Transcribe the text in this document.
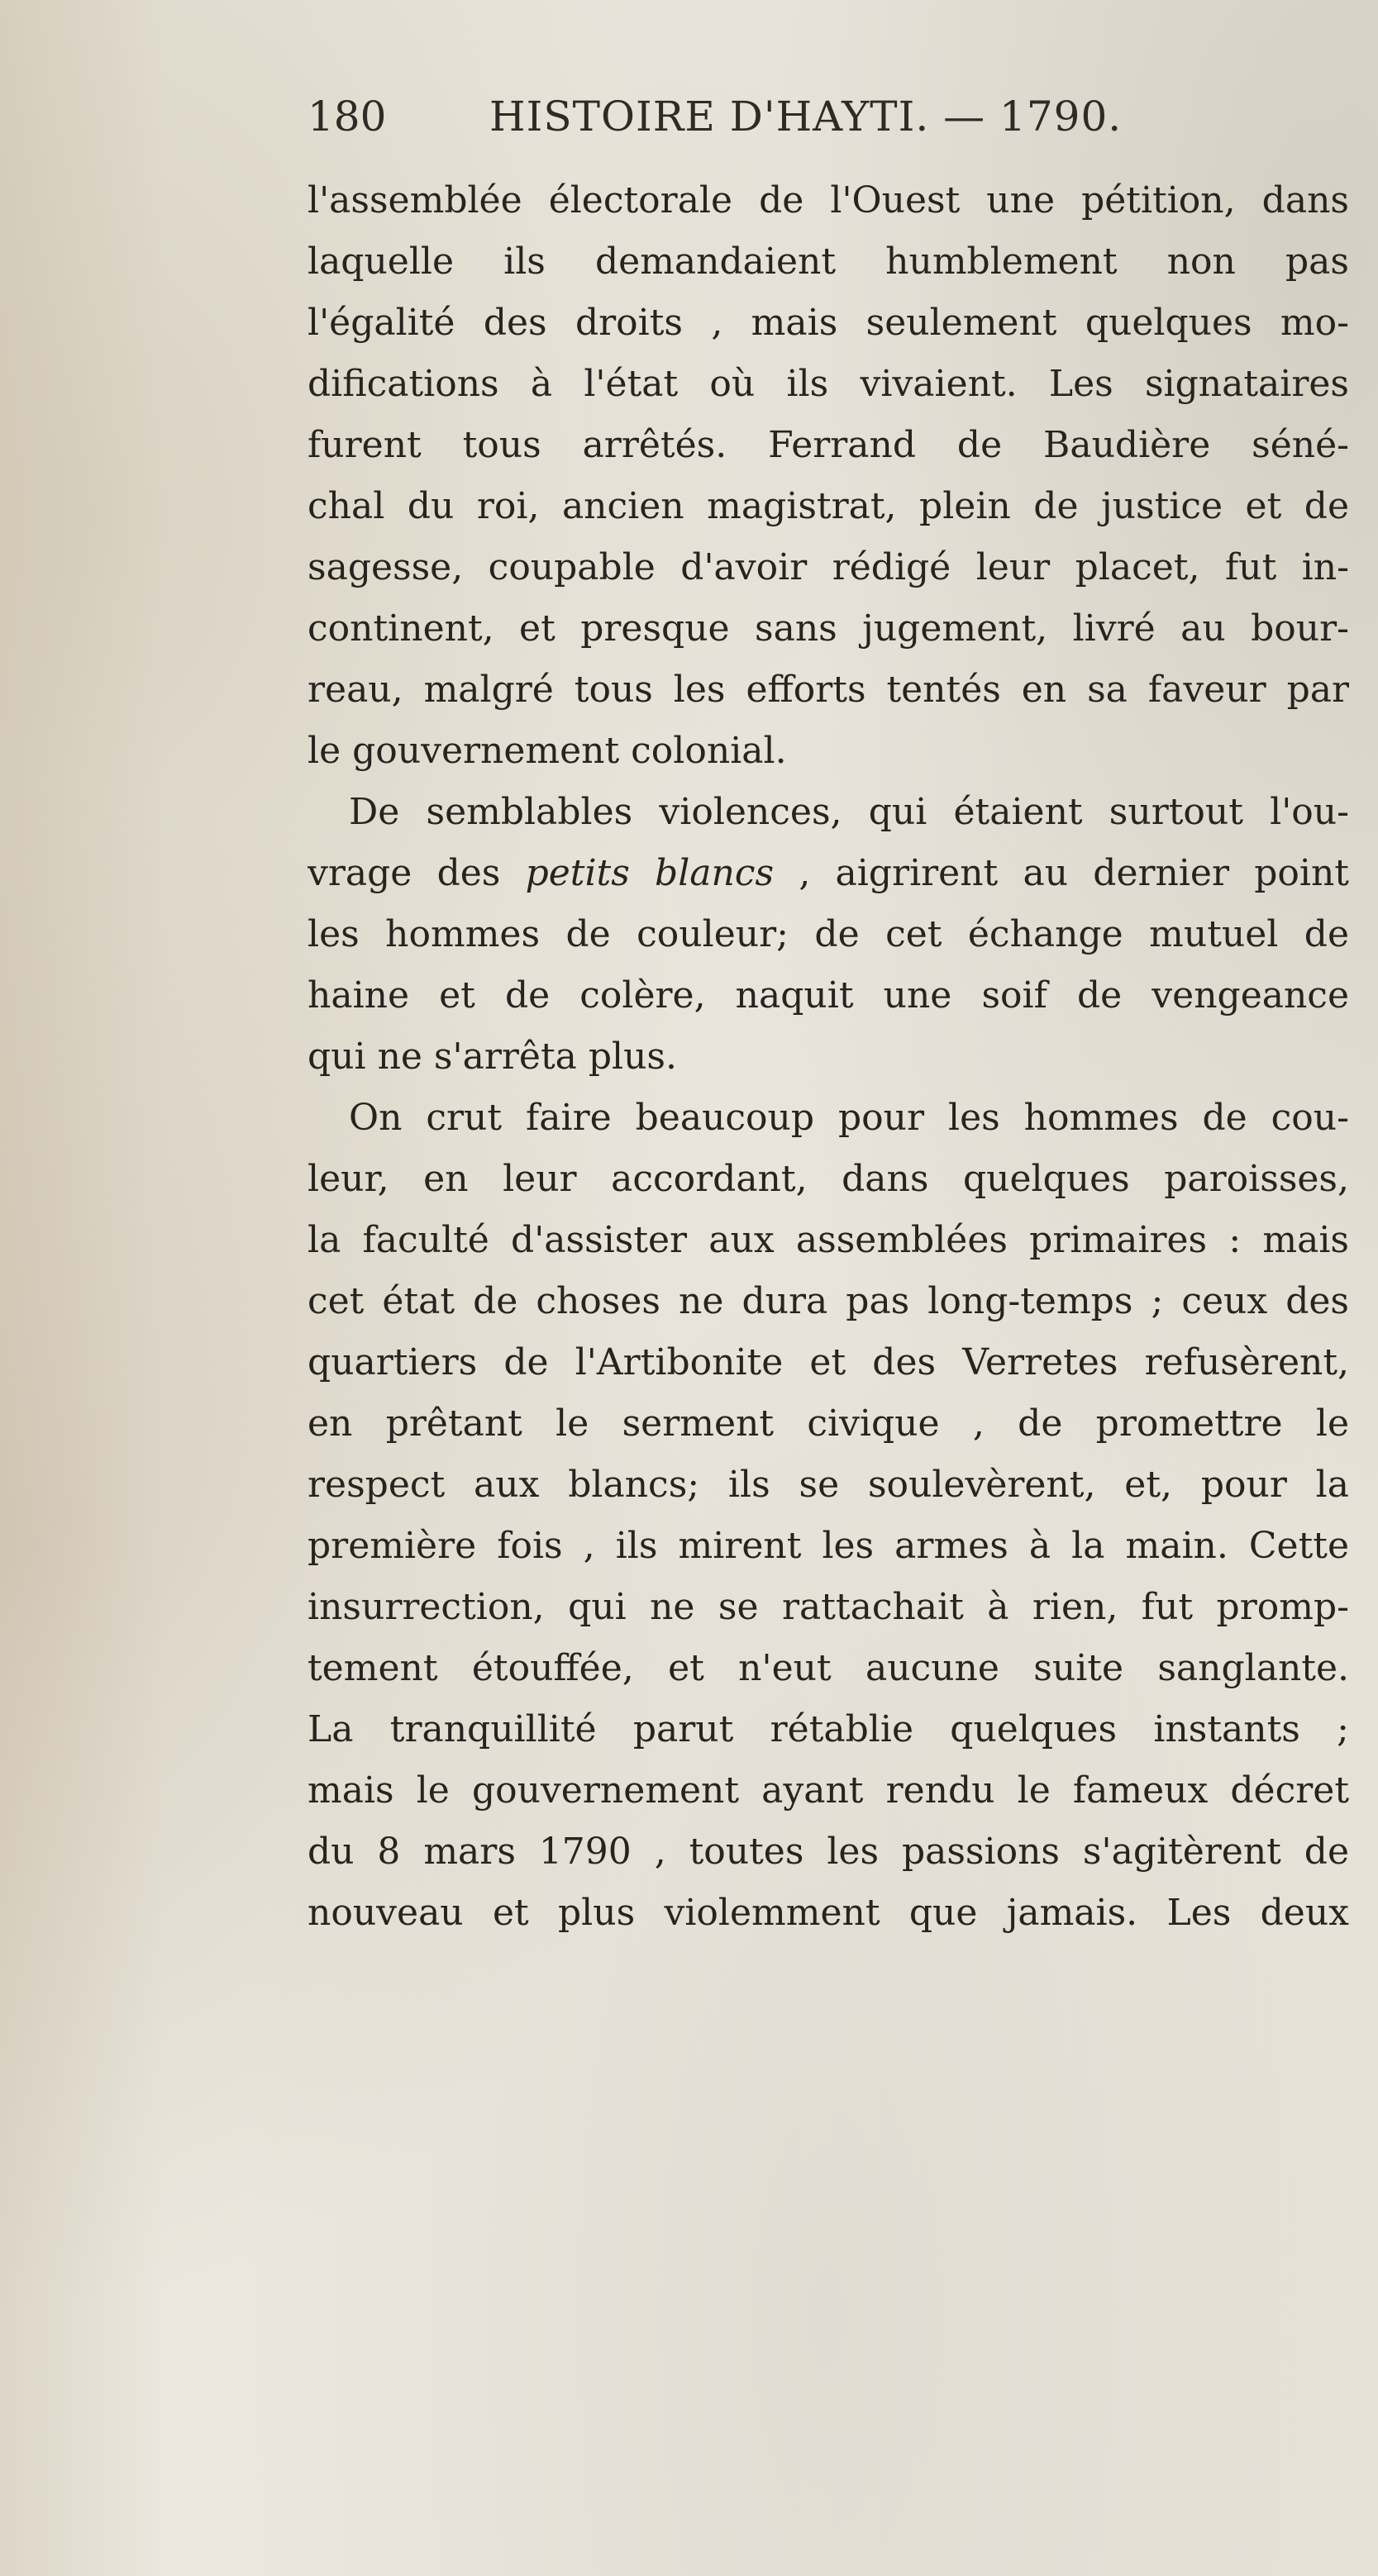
180 HISTOIRE D'HAYTI. — 1790.
l'assemblée électorale de l'Ouest une pétition, dans
laquelle ils demandaient humblement non pas
l'égalité des droits , mais seulement quelques mo-
difications à l'état où ils vivaient. Les signataires
furent tous arrêtés. Ferrand de Baudière séné-
chal du roi, ancien magistrat, plein de justice et de
sagesse, coupable d'avoir rédigé leur placet, fut in-
continent, et presque sans jugement, livré au bour-
reau, malgré tous les efforts tentés en sa faveur par
le gouvernement colonial.
De semblables violences, qui étaient surtout l'ou-
vrage des petits blancs , aigrirent au dernier point
les hommes de couleur; de cet échange mutuel de
haine et de colère, naquit une soif de vengeance
qui ne s'arrêta plus.
On crut faire beaucoup pour les hommes de cou-
leur, en leur accordant, dans quelques paroisses,
la faculté d'assister aux assemblées primaires : mais
cet état de choses ne dura pas long-temps ; ceux des
quartiers de l'Artibonite et des Verretes refusèrent,
en prêtant le serment civique , de promettre le
respect aux blancs; ils se soulevèrent, et, pour la
première fois , ils mirent les armes à la main. Cette
insurrection, qui ne se rattachait à rien, fut promp-
tement étouffée, et n'eut aucune suite sanglante.
La tranquillité parut rétablie quelques instants ;
mais le gouvernement ayant rendu le fameux décret
du 8 mars 1790 , toutes les passions s'agitèrent de
nouveau et plus violemment que jamais. Les deux
